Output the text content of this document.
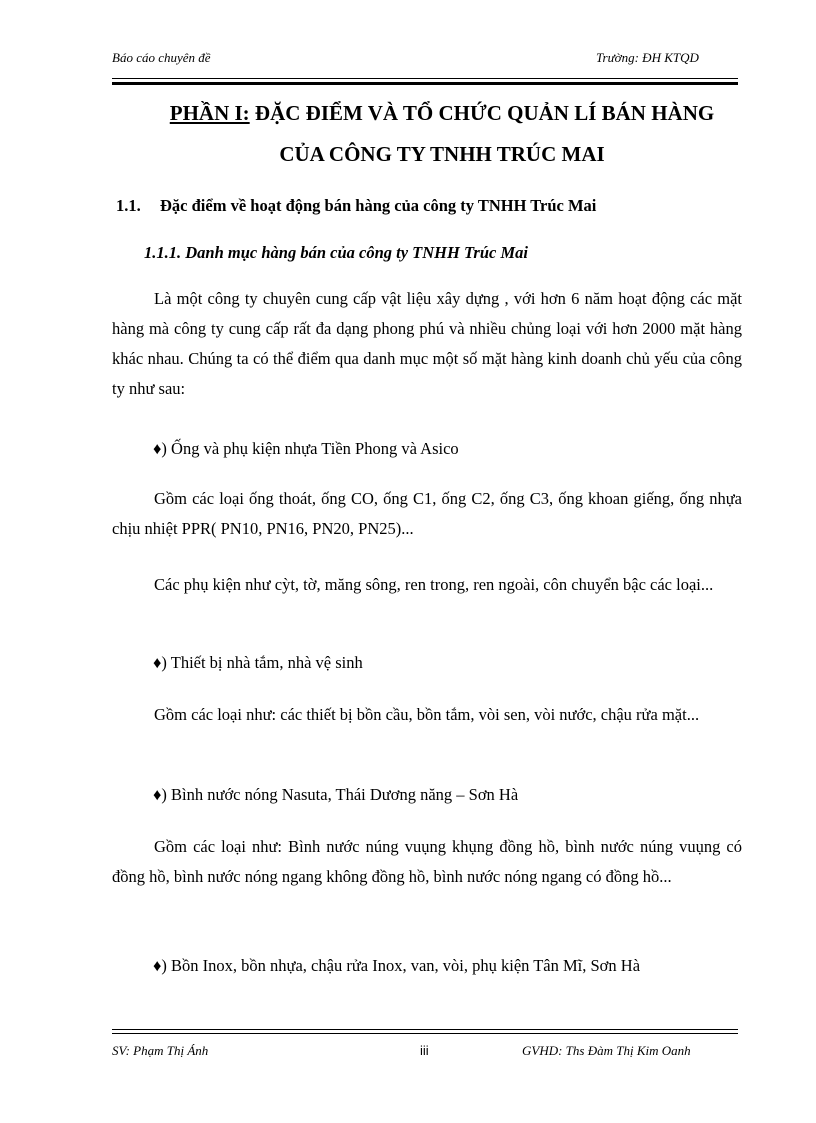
Báo cáo chuyên đề	Trường: ĐH KTQD
PHẦN I: ĐẶC ĐIỂM VÀ TỔ CHỨC QUẢN LÍ BÁN HÀNG
CỦA CÔNG TY TNHH TRÚC MAI
1.1. Đặc điểm về hoạt động bán hàng của công ty TNHH Trúc Mai
1.1.1. Danh mục hàng bán của công ty TNHH Trúc Mai
Là một công ty chuyên cung cấp vật liệu xây dựng , với hơn 6 năm hoạt động các mặt hàng mà công ty cung cấp rất đa dạng phong phú và nhiều chủng loại với hơn 2000 mặt hàng khác nhau. Chúng ta có thể điểm qua danh mục một số mặt hàng kinh doanh chủ yếu của công ty như sau:
♦) Ống và phụ kiện nhựa Tiền Phong và Asico
Gồm các loại ống thoát, ống CO, ống C1, ống C2, ống C3, ống khoan giếng, ống nhựa chịu nhiệt PPR( PN10, PN16, PN20, PN25)...
Các phụ kiện như cỳt, tờ, măng sông, ren trong, ren ngoài, côn chuyển bậc các loại...
♦) Thiết bị nhà tắm, nhà vệ sinh
Gồm các loại như: các thiết bị bồn cầu, bồn tắm, vòi sen, vòi nước, chậu rửa mặt...
♦) Bình nước nóng Nasuta, Thái Dương năng – Sơn Hà
Gồm các loại như: Bình nước núng vuụng khụng đồng hồ, bình nước núng vuụng có đồng hồ, bình nước nóng ngang không đồng hồ, bình nước nóng ngang có đồng hồ...
♦) Bồn Inox, bồn nhựa, chậu rửa Inox, van, vòi, phụ kiện Tân Mĩ, Sơn Hà
SV: Phạm Thị Ánh	iii	GVHD: Ths Đàm Thị Kim Oanh
